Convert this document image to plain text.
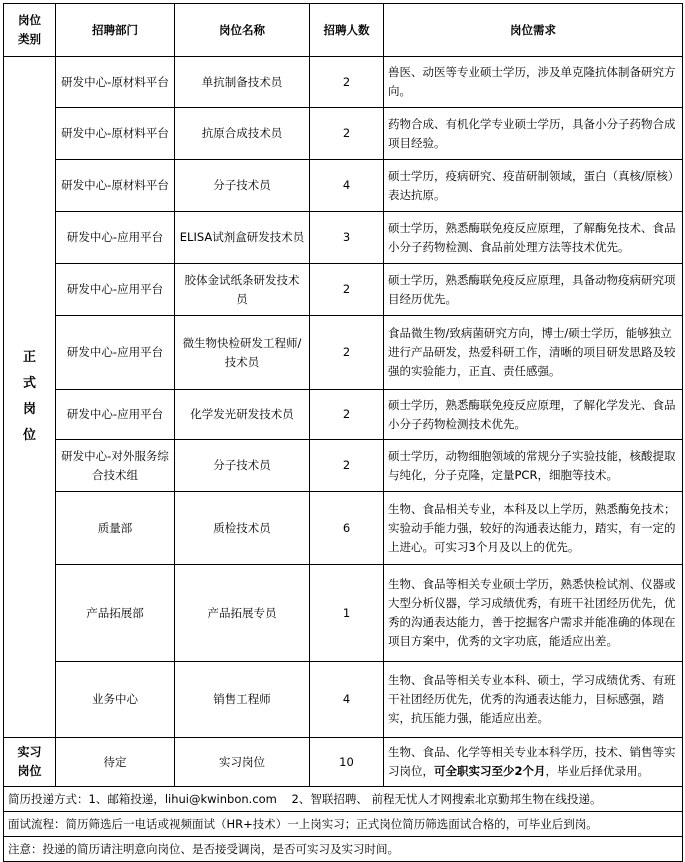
岗位
类别	招聘部门	岗位名称	招聘人数	岗位需求
正
式
岗
位	研发中心-原材料平台	单抗制备技术员	2	兽医、动医等专业硕士学历，涉及单克隆抗体制备研究方向。
	研发中心-原材料平台	抗原合成技术员	2	药物合成、有机化学专业硕士学历，具备小分子药物合成项目经验。
	研发中心-原材料平台	分子技术员	4	硕士学历，疫病研究、疫苗研制领域，蛋白（真核/原核）表达抗原。
	研发中心-应用平台	ELISA试剂盒研发技术员	3	硕士学历，熟悉酶联免疫反应原理，了解酶免技术、食品小分子药物检测、食品前处理方法等技术优先。
	研发中心-应用平台	胶体金试纸条研发技术员	2	硕士学历，熟悉酶联免疫反应原理，具备动物疫病研究项目经历优先。
	研发中心-应用平台	微生物快检研发工程师/技术员	2	食品微生物/致病菌研究方向，博士/硕士学历，能够独立进行产品研发，热爱科研工作，清晰的项目研发思路及较强的实验能力，正直、责任感强。
	研发中心-应用平台	化学发光研发技术员	2	硕士学历，熟悉酶联免疫反应原理，了解化学发光、食品小分子药物检测技术优先。
	研发中心-对外服务综合技术组	分子技术员	2	硕士学历，动物细胞领域的常规分子实验技能，核酸提取与纯化，分子克隆，定量PCR，细胞等技术。
	质量部	质检技术员	6	生物、食品相关专业，本科及以上学历，熟悉酶免技术；实验动手能力强，较好的沟通表达能力，踏实，有一定的上进心。可实习3个月及以上的优先。
	产品拓展部	产品拓展专员	1	生物、食品等相关专业硕士学历，熟悉快检试剂、仪器或大型分析仪器，学习成绩优秀，有班干社团经历优先，优秀的沟通表达能力，善于挖掘客户需求并能准确的体现在项目方案中，优秀的文字功底，能适应出差。
	业务中心	销售工程师	4	生物、食品等相关专业本科、硕士，学习成绩优秀、有班干社团经历优先，优秀的沟通表达能力，目标感强，踏实，抗压能力强，能适应出差。
实习
岗位	待定	实习岗位	10	生物、食品、化学等相关专业本科学历，技术、销售等实习岗位，可全职实习至少2个月，毕业后择优录用。
简历投递方式：1、邮箱投递，lihui@kwinbon.com 2、智联招聘、 前程无忧人才网搜索北京勤邦生物在线投递。				
面试流程：简历筛选后一电话或视频面试（HR+技术）一上岗实习；正式岗位简历筛选面试合格的，可毕业后到岗。				
注意：投递的简历请注明意向岗位、是否接受调岗，是否可实习及实习时间。				
